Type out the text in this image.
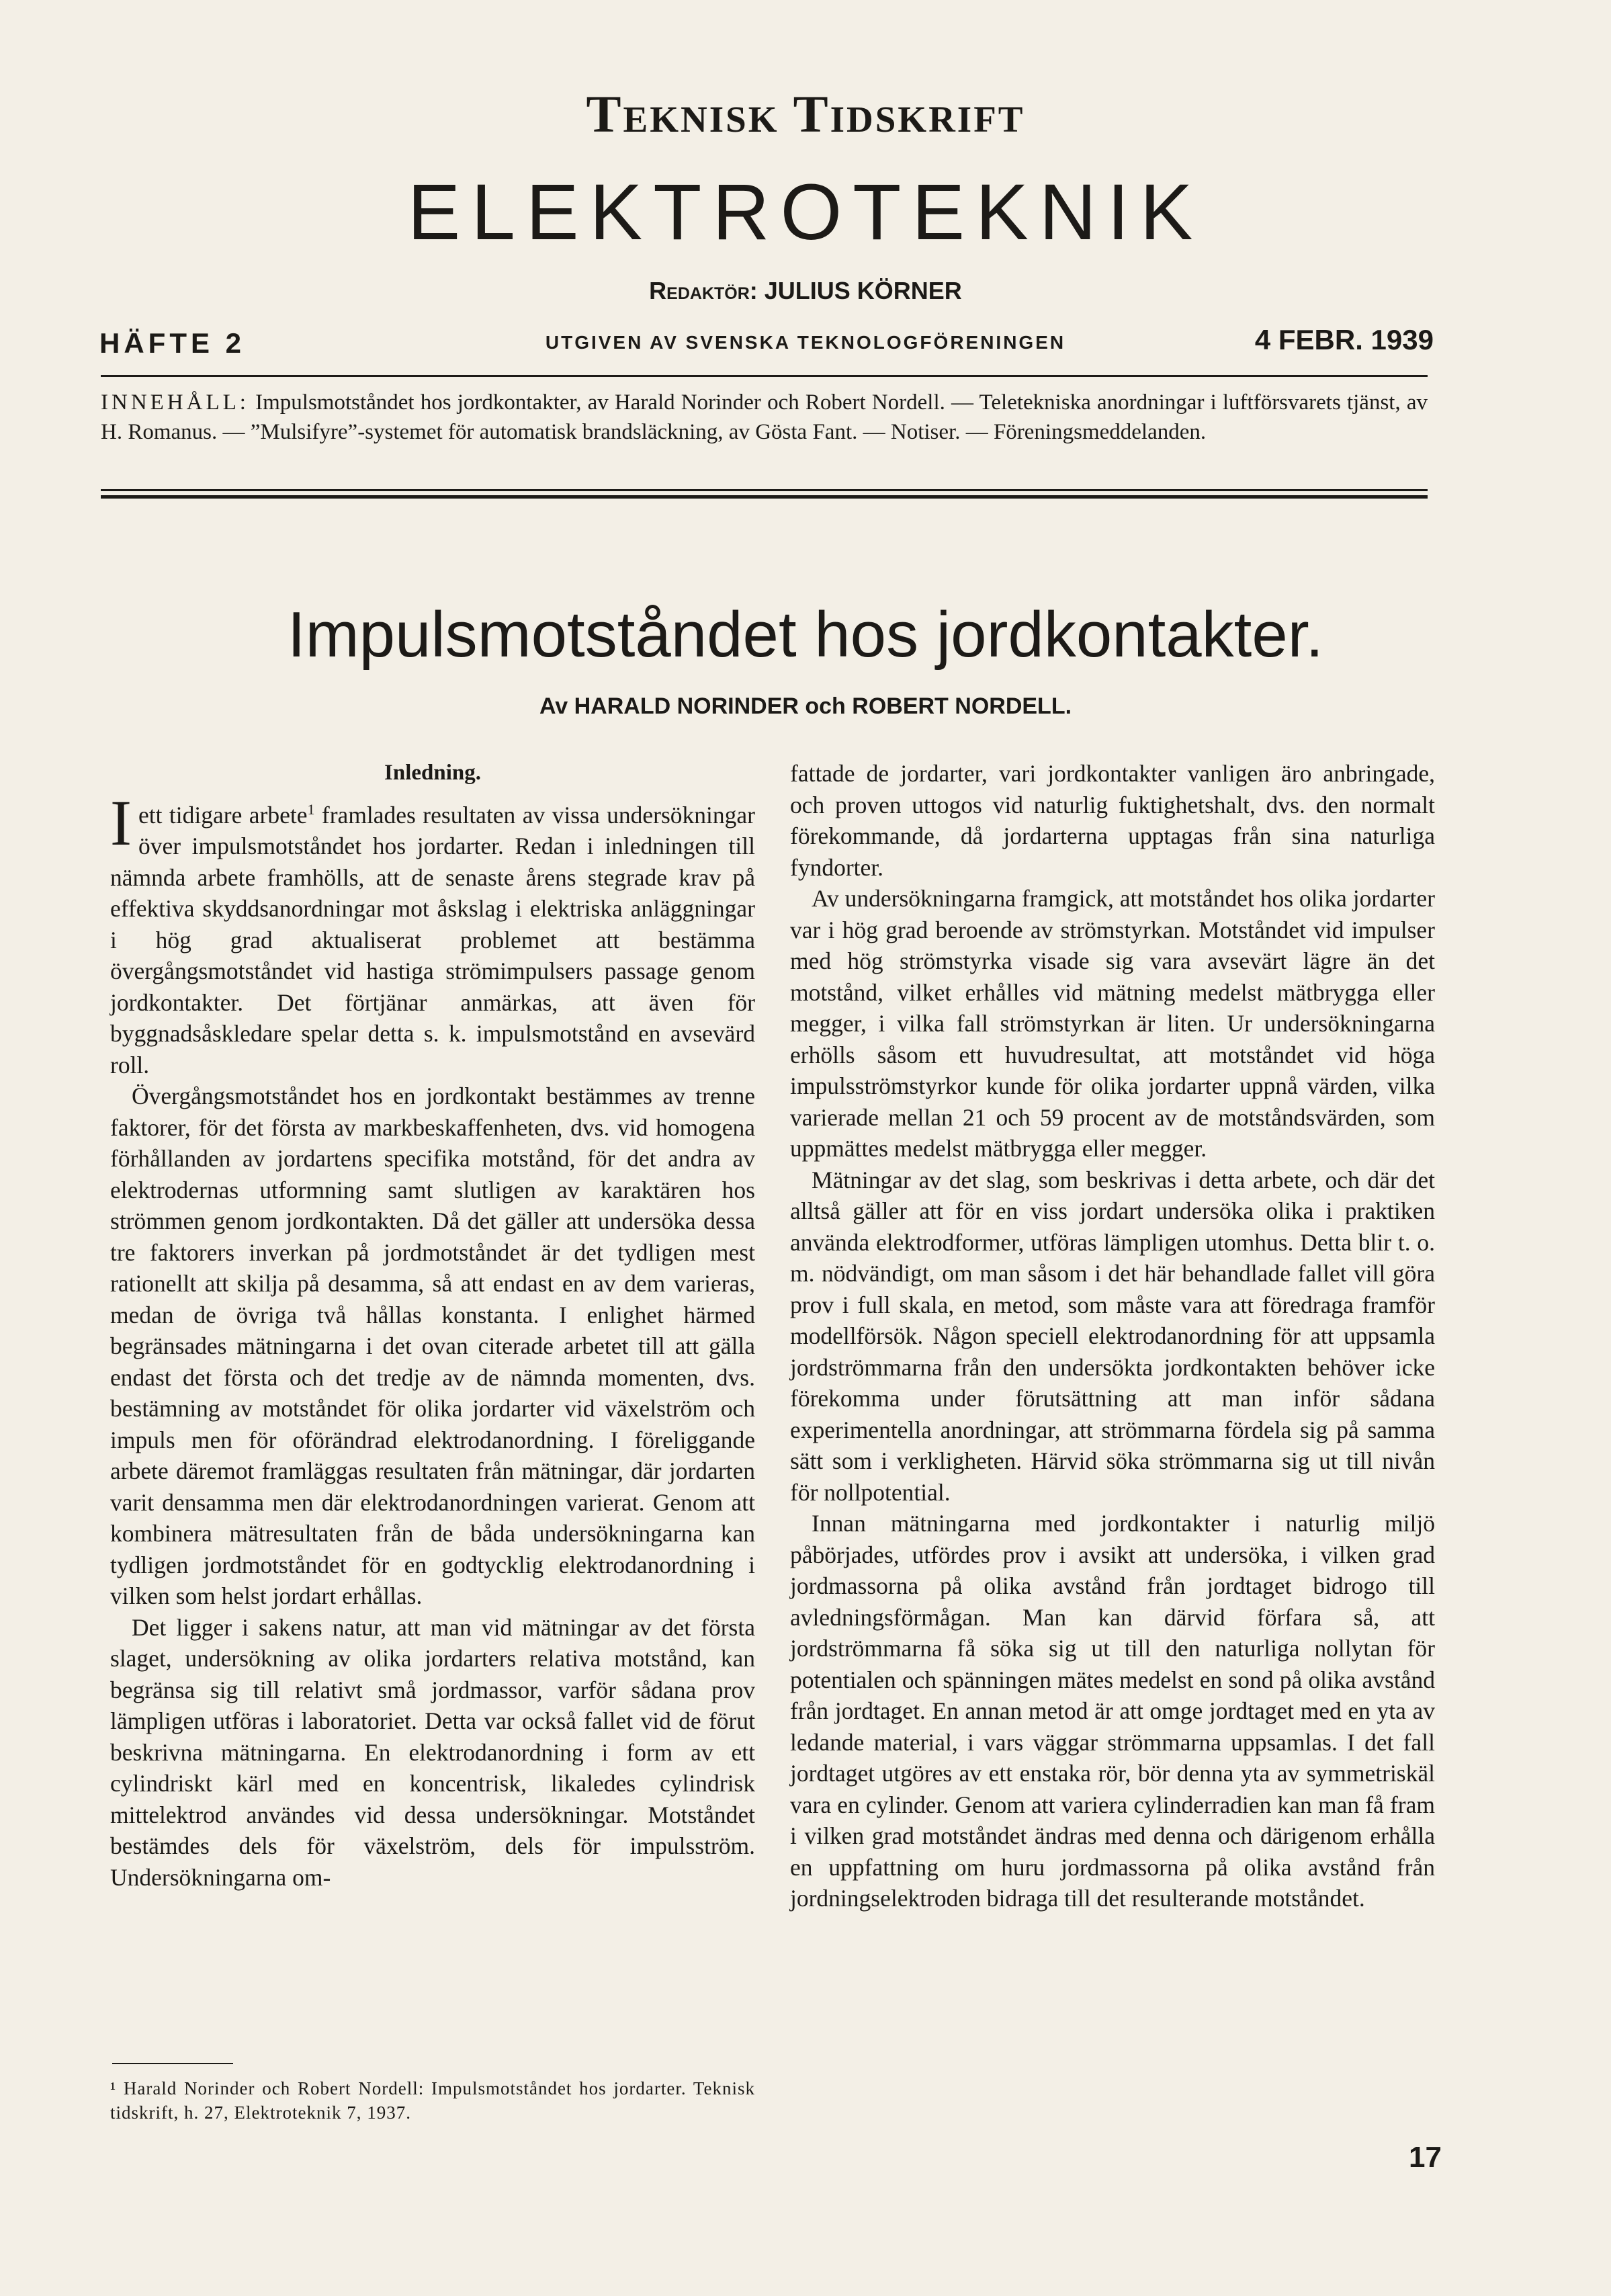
Teknisk Tidskrift
ELEKTROTEKNIK
Redaktör: JULIUS KÖRNER
HÄFTE 2	UTGIVEN AV SVENSKA TEKNOLOGFÖRENINGEN	4 FEBR. 1939
INNEHÅLL: Impulsmotståndet hos jordkontakter, av Harald Norinder och Robert Nordell. — Teletekniska anordningar i luftförsvarets tjänst, av H. Romanus. — ”Mulsifyre”-systemet för automatisk brandsläckning, av Gösta Fant. — Notiser. — Föreningsmeddelanden.
Impulsmotståndet hos jordkontakter.
Av HARALD NORINDER och ROBERT NORDELL.
Inledning.

Iett tidigare arbete$^1$ framlades resultaten av vissa undersökningar över impulsmotståndet hos jordarter. Redan i inledningen till nämnda arbete framhölls, att de senaste årens stegrade krav på effektiva skyddsanordningar mot åskslag i elektriska anläggningar i hög grad aktualiserat problemet att bestämma övergångsmotståndet vid hastiga strömimpulsers passage genom jordkontakter. Det förtjänar anmärkas, att även för byggnadsåskledare spelar detta s. k. impulsmotstånd en avsevärd roll.

Övergångsmotståndet hos en jordkontakt bestämmes av trenne faktorer, för det första av markbeskaffenheten, dvs. vid homogena förhållanden av jordartens specifika motstånd, för det andra av elektrodernas utformning samt slutligen av karaktären hos strömmen genom jordkontakten. Då det gäller att undersöka dessa tre faktorers inverkan på jordmotståndet är det tydligen mest rationellt att skilja på desamma, så att endast en av dem varieras, medan de övriga två hållas konstanta. I enlighet härmed begränsades mätningarna i det ovan citerade arbetet till att gälla endast det första och det tredje av de nämnda momenten, dvs. bestämning av motståndet för olika jordarter vid växelström och impuls men för oförändrad elektrodanordning. I föreliggande arbete däremot framläggas resultaten från mätningar, där jordarten varit densamma men där elektrodanordningen varierat. Genom att kombinera mätresultaten från de båda undersökningarna kan tydligen jordmotståndet för en godtycklig elektrodanordning i vilken som helst jordart erhållas.

Det ligger i sakens natur, att man vid mätningar av det första slaget, undersökning av olika jordarters relativa motstånd, kan begränsa sig till relativt små jordmassor, varför sådana prov lämpligen utföras i laboratoriet. Detta var också fallet vid de förut beskrivna mätningarna. En elektrodanordning i form av ett cylindriskt kärl med en koncentrisk, likaledes cylindrisk mittelektrod användes vid dessa undersökningar. Motståndet bestämdes dels för växelström, dels för impulsström. Undersökningarna om-

fattade de jordarter, vari jordkontakter vanligen äro anbringade, och proven uttogos vid naturlig fuktighetshalt, dvs. den normalt förekommande, då jordarterna upptagas från sina naturliga fyndorter.

Av undersökningarna framgick, att motståndet hos olika jordarter var i hög grad beroende av strömstyrkan. Motståndet vid impulser med hög strömstyrka visade sig vara avsevärt lägre än det motstånd, vilket erhålles vid mätning medelst mätbrygga eller megger, i vilka fall strömstyrkan är liten. Ur undersökningarna erhölls såsom ett huvudresultat, att motståndet vid höga impulsströmstyrkor kunde för olika jordarter uppnå värden, vilka varierade mellan 21 och 59 procent av de motståndsvärden, som uppmättes medelst mätbrygga eller megger.

Mätningar av det slag, som beskrivas i detta arbete, och där det alltså gäller att för en viss jordart undersöka olika i praktiken använda elektrodformer, utföras lämpligen utomhus. Detta blir t. o. m. nödvändigt, om man såsom i det här behandlade fallet vill göra prov i full skala, en metod, som måste vara att föredraga framför modellförsök. Någon speciell elektrodanordning för att uppsamla jordströmmarna från den undersökta jordkontakten behöver icke förekomma under förutsättning att man inför sådana experimentella anordningar, att strömmarna fördela sig på samma sätt som i verkligheten. Härvid söka strömmarna sig ut till nivån för nollpotential.

Innan mätningarna med jordkontakter i naturlig miljö påbörjades, utfördes prov i avsikt att undersöka, i vilken grad jordmassorna på olika avstånd från jordtaget bidrogo till avledningsförmågan. Man kan därvid förfara så, att jordströmmarna få söka sig ut till den naturliga nollytan för potentialen och spänningen mätes medelst en sond på olika avstånd från jordtaget. En annan metod är att omge jordtaget med en yta av ledande material, i vars väggar strömmarna uppsamlas. I det fall jordtaget utgöres av ett enstaka rör, bör denna yta av symmetriskäl vara en cylinder. Genom att variera cylinderradien kan man få fram i vilken grad motståndet ändras med denna och därigenom erhålla en uppfattning om huru jordmassorna på olika avstånd från jordningselektroden bidraga till det resulterande motståndet.

¹ Harald Norinder och Robert Nordell: Impulsmotståndet hos jordarter. Teknisk tidskrift, h. 27, Elektroteknik 7, 1937.
17
